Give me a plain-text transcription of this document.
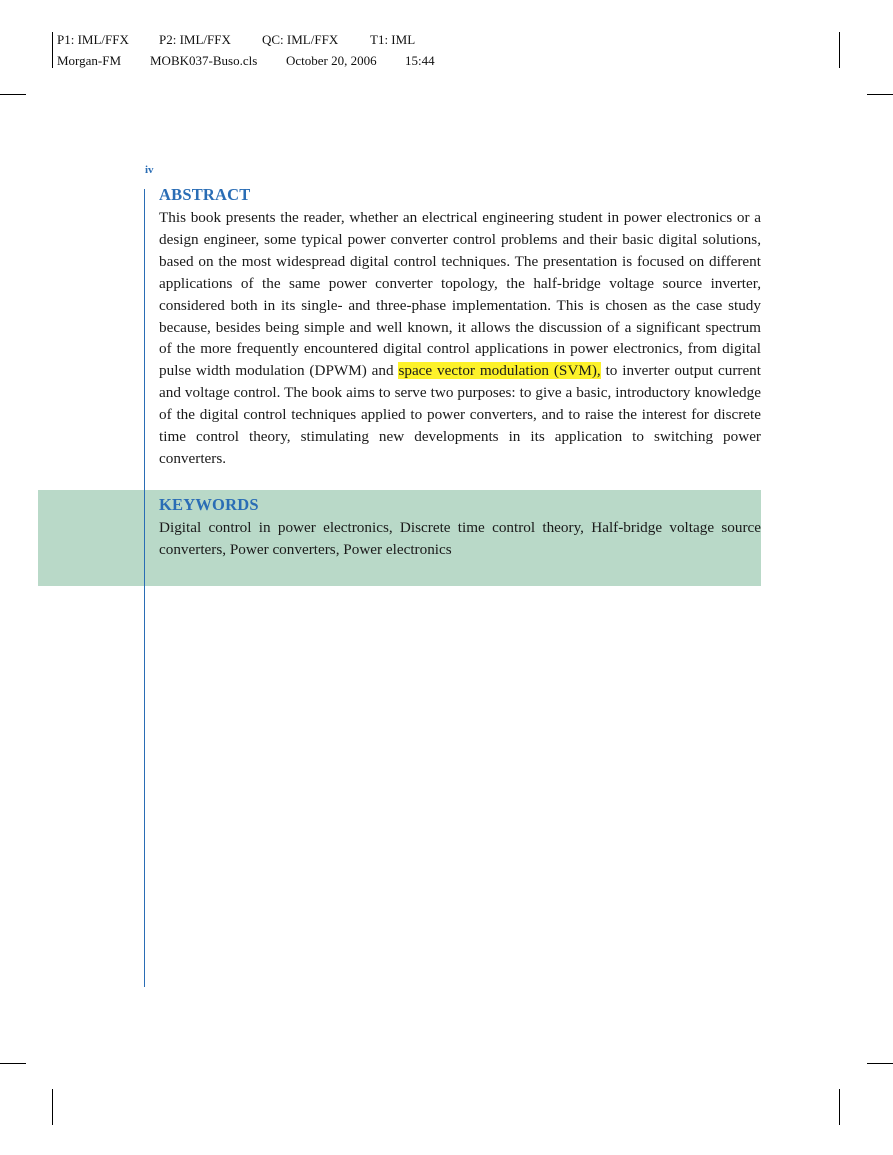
P1: IML/FFX P2: IML/FFX QC: IML/FFX T1: IML
Morgan-FM MOBK037-Buso.cls October 20, 2006 15:44
iv
ABSTRACT
This book presents the reader, whether an electrical engineering student in power electronics or a design engineer, some typical power converter control problems and their basic digital solutions, based on the most widespread digital control techniques. The presentation is focused on different applications of the same power converter topology, the half-bridge voltage source inverter, considered both in its single- and three-phase implementation. This is chosen as the case study because, besides being simple and well known, it allows the discussion of a significant spectrum of the more frequently encountered digital control applications in power electronics, from digital pulse width modulation (DPWM) and space vector modulation (SVM), to inverter output current and voltage control. The book aims to serve two purposes: to give a basic, introductory knowledge of the digital control techniques applied to power converters, and to raise the interest for discrete time control theory, stimulating new developments in its application to switching power converters.
KEYWORDS
Digital control in power electronics, Discrete time control theory, Half-bridge voltage source converters, Power converters, Power electronics
